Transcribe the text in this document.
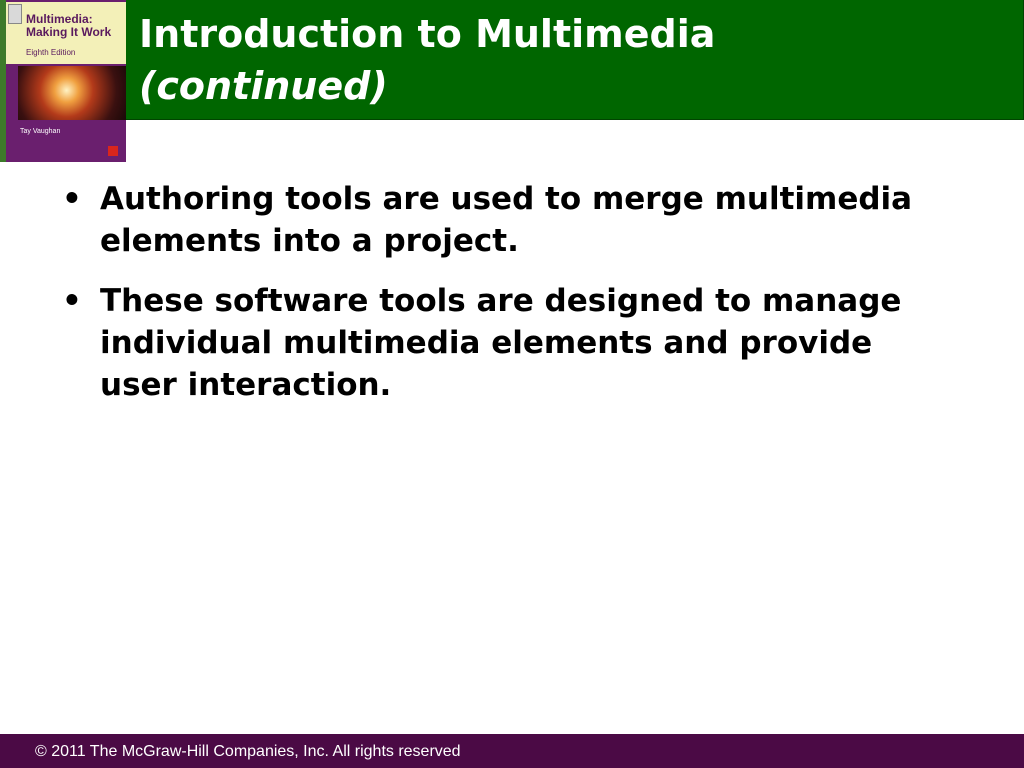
Multimedia: Making It Work
Eighth Edition
Tay Vaughan
Introduction to Multimedia
(continued)
• Authoring tools are used to merge multimedia elements into a project.
• These software tools are designed to manage individual multimedia elements and provide user interaction.
© 2011 The McGraw-Hill Companies, Inc. All rights reserved
